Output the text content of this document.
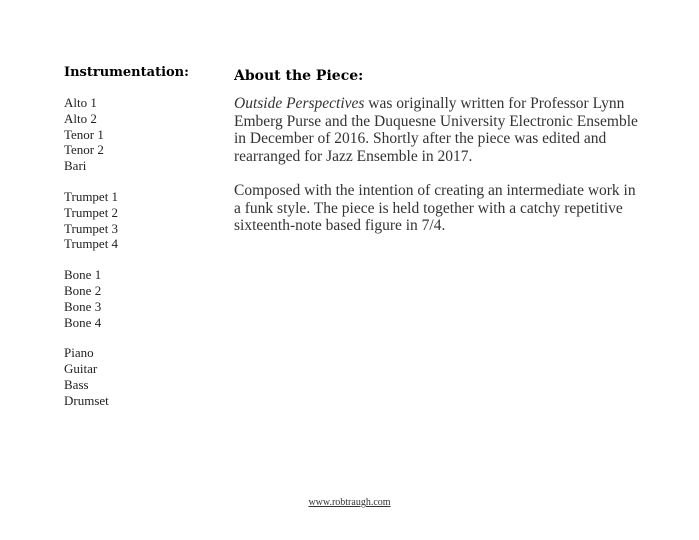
Instrumentation:
Alto 1
Alto 2
Tenor 1
Tenor 2
Bari
Trumpet 1
Trumpet 2
Trumpet 3
Trumpet 4
Bone 1
Bone 2
Bone 3
Bone 4
Piano
Guitar
Bass
Drumset
About the Piece:

Outside Perspectives was originally written for Professor Lynn Emberg Purse and the Duquesne University Electronic Ensemble in December of 2016. Shortly after the piece was edited and rearranged for Jazz Ensemble in 2017.

Composed with the intention of creating an intermediate work in a funk style. The piece is held together with a catchy repetitive sixteenth-note based figure in 7/4.

www.robtraugh.com
